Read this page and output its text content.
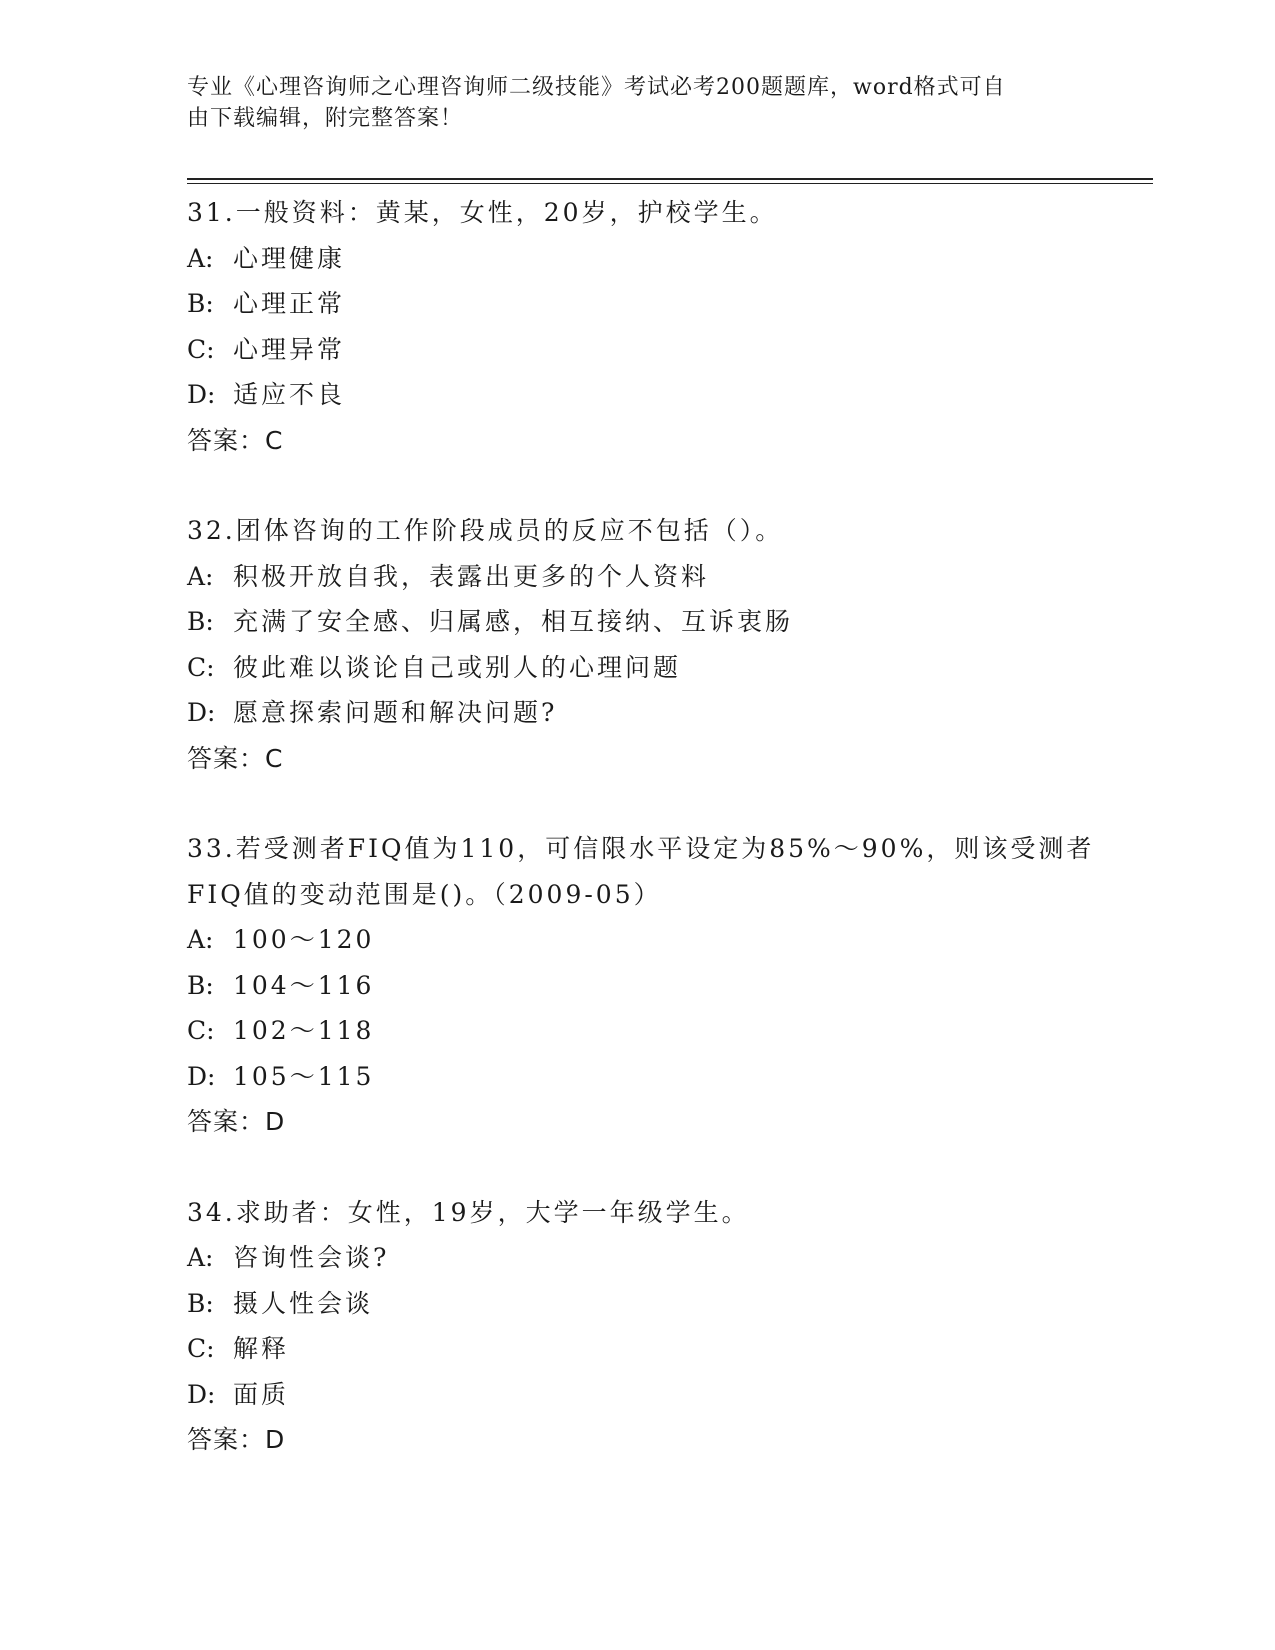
专业《心理咨询师之心理咨询师二级技能》考试必考200题题库，word格式可自

由下载编辑，附完整答案！

31.一般资料：黄某，女性，20岁，护校学生。
A: 心理健康
B: 心理正常
C: 心理异常
D: 适应不良
答案：C
32.团体咨询的工作阶段成员的反应不包括（）。
A: 积极开放自我，表露出更多的个人资料
B: 充满了安全感、归属感，相互接纳、互诉衷肠
C: 彼此难以谈论自己或别人的心理问题
D: 愿意探索问题和解决问题?
答案：C
33.若受测者FIQ值为110，可信限水平设定为85%～90%，则该受测者
FIQ值的变动范围是()。（2009-05）
A: 100～120
B: 104～116
C: 102～118
D: 105～115
答案：D
34.求助者：女性，19岁，大学一年级学生。
A: 咨询性会谈?
B: 摄人性会谈
C: 解释
D: 面质
答案：D
